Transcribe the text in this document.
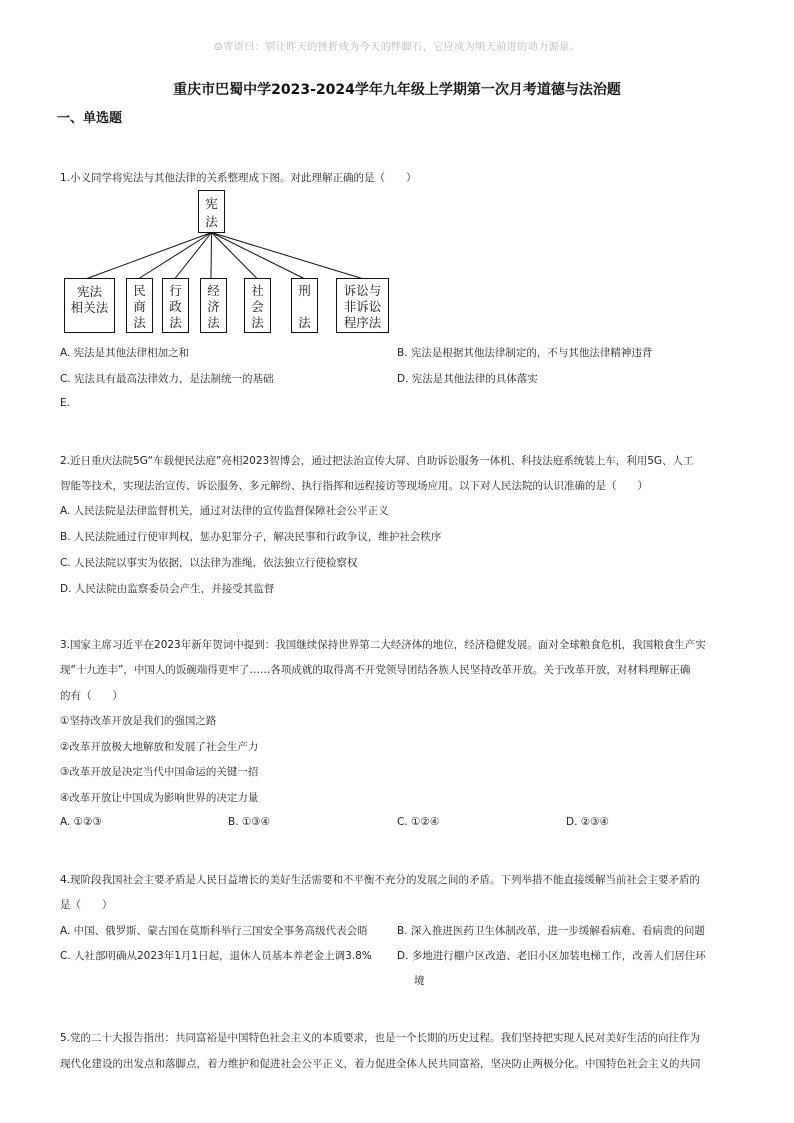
☺寄语曰：别让昨天的挫折成为今天的绊脚石，它应成为明天前进的动力源泉。
重庆市巴蜀中学2023-2024学年九年级上学期第一次月考道德与法治题
一、单选题
1.小义同学将宪法与其他法律的关系整理成下图。对此理解正确的是（　　）
宪
法
宪法
相关法
民
商
法
行
政
法
经
济
法
社
会
法
刑
法
诉讼与
非诉讼
程序法
A. 宪法是其他法律相加之和	B. 宪法是根据其他法律制定的，不与其他法律精神违背
C. 宪法具有最高法律效力，是法制统一的基础	D. 宪法是其他法律的具体落实
E.
2.近日重庆法院5G“车载便民法庭”亮相2023智博会，通过把法治宣传大屏、自助诉讼服务一体机、科技法庭系统装上车，利用5G、人工
智能等技术，实现法治宣传、诉讼服务、多元解纷、执行指挥和远程接访等现场应用。以下对人民法院的认识准确的是（　　）
A. 人民法院是法律监督机关，通过对法律的宣传监督保障社会公平正义
B. 人民法院通过行使审判权，惩办犯罪分子，解决民事和行政争议，维护社会秩序
C. 人民法院以事实为依据，以法律为准绳，依法独立行使检察权
D. 人民法院由监察委员会产生，并接受其监督
3.国家主席习近平在2023年新年贺词中提到：我国继续保持世界第二大经济体的地位，经济稳健发展。面对全球粮食危机，我国粮食生产实
现“十九连丰”，中国人的饭碗端得更牢了……各项成就的取得离不开党领导团结各族人民坚持改革开放。关于改革开放，对材料理解正确
的有（　　）
①坚持改革开放是我们的强国之路
②改革开放极大地解放和发展了社会生产力
③改革开放是决定当代中国命运的关键一招
④改革开放让中国成为影响世界的决定力量
A. ①②③	B. ①③④	C. ①②④	D. ②③④
4.现阶段我国社会主要矛盾是人民日益增长的美好生活需要和不平衡不充分的发展之间的矛盾。下列举措不能直接缓解当前社会主要矛盾的
是（　　）
A. 中国、俄罗斯、蒙古国在莫斯科举行三国安全事务高级代表会晤	B. 深入推进医药卫生体制改革，进一步缓解看病难、看病贵的问题
C. 人社部明确从2023年1月1日起，退休人员基本养老金上调3.8% D. 多地进行棚户区改造、老旧小区加装电梯工作，改善人们居住环
境
5.党的二十大报告指出：共同富裕是中国特色社会主义的本质要求，也是一个长期的历史过程。我们坚持把实现人民对美好生活的向往作为
现代化建设的出发点和落脚点，着力维护和促进社会公平正义，着力促进全体人民共同富裕，坚决防止两极分化。中国特色社会主义的共同
